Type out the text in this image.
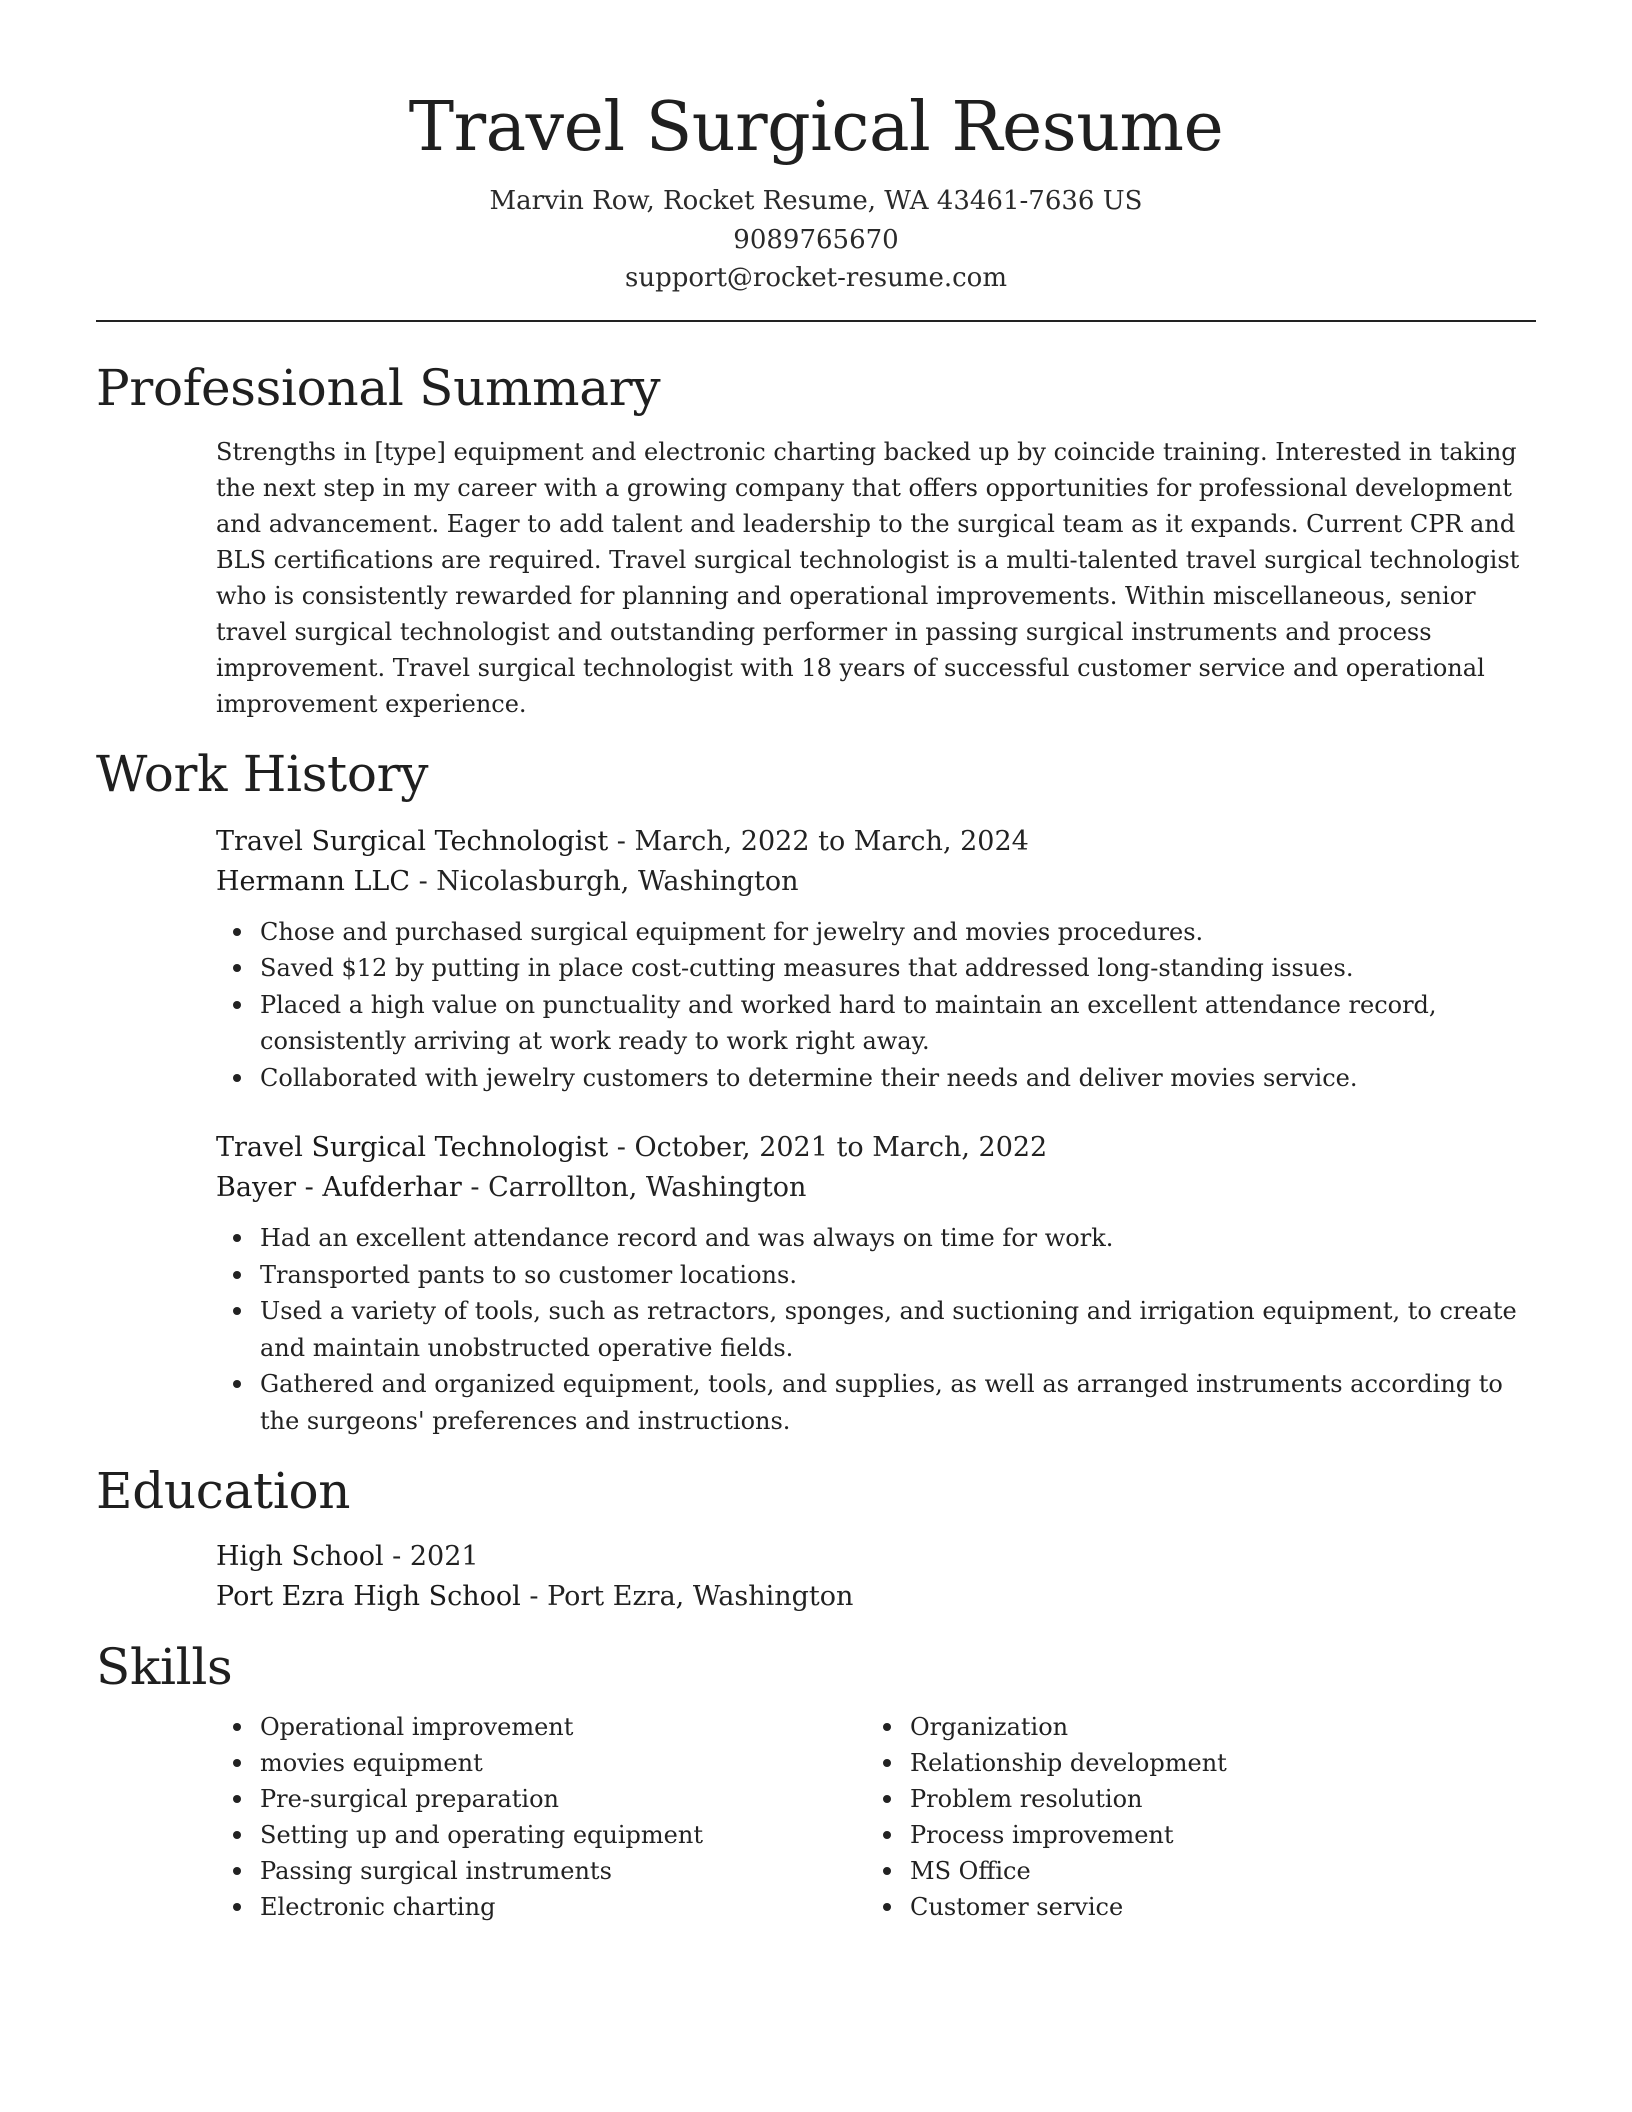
Travel Surgical Resume
Marvin Row, Rocket Resume, WA 43461-7636 US
9089765670
support@rocket-resume.com
Professional Summary

Strengths in [type] equipment and electronic charting backed up by coincide training. Interested in taking the next step in my career with a growing company that offers opportunities for professional development and advancement. Eager to add talent and leadership to the surgical team as it expands. Current CPR and BLS certifications are required. Travel surgical technologist is a multi-talented travel surgical technologist who is consistently rewarded for planning and operational improvements. Within miscellaneous, senior travel surgical technologist and outstanding performer in passing surgical instruments and process improvement. Travel surgical technologist with 18 years of successful customer service and operational improvement experience.

Work History
Travel Surgical Technologist - March, 2022 to March, 2024
Hermann LLC - Nicolasburgh, Washington
Chose and purchased surgical equipment for jewelry and movies procedures.
Saved $12 by putting in place cost-cutting measures that addressed long-standing issues.
Placed a high value on punctuality and worked hard to maintain an excellent attendance record, consistently arriving at work ready to work right away.
Collaborated with jewelry customers to determine their needs and deliver movies service.
Travel Surgical Technologist - October, 2021 to March, 2022
Bayer - Aufderhar - Carrollton, Washington
Had an excellent attendance record and was always on time for work.
Transported pants to so customer locations.
Used a variety of tools, such as retractors, sponges, and suctioning and irrigation equipment, to create and maintain unobstructed operative fields.
Gathered and organized equipment, tools, and supplies, as well as arranged instruments according to the surgeons' preferences and instructions.
Education
High School - 2021
Port Ezra High School - Port Ezra, Washington
Skills
Operational improvement
movies equipment
Pre-surgical preparation
Setting up and operating equipment
Passing surgical instruments
Electronic charting
Organization
Relationship development
Problem resolution
Process improvement
MS Office
Customer service
